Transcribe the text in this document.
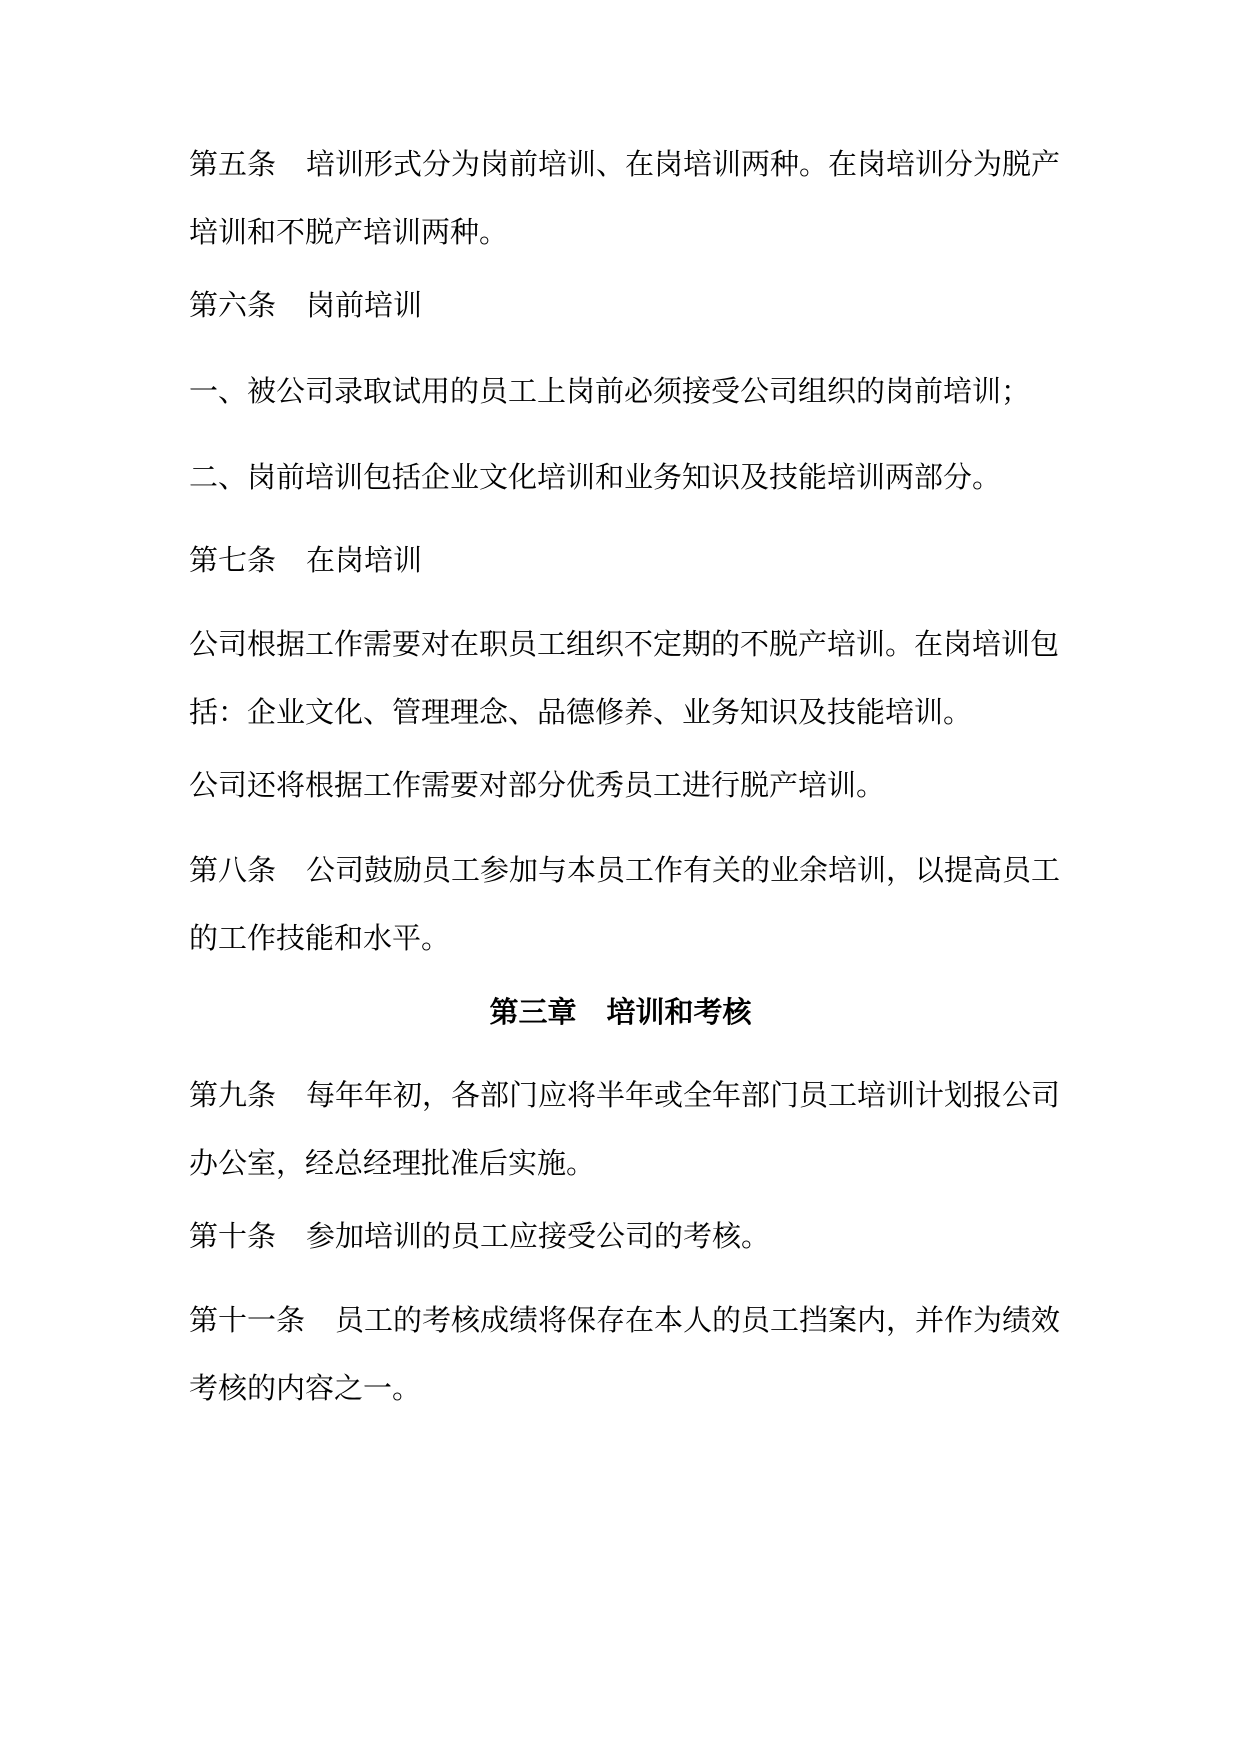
第五条 培训形式分为岗前培训、在岗培训两种。在岗培训分为脱产培训和不脱产培训两种。

第六条 岗前培训

一、被公司录取试用的员工上岗前必须接受公司组织的岗前培训；

二、岗前培训包括企业文化培训和业务知识及技能培训两部分。

第七条 在岗培训

公司根据工作需要对在职员工组织不定期的不脱产培训。在岗培训包括：企业文化、管理理念、品德修养、业务知识及技能培训。

公司还将根据工作需要对部分优秀员工进行脱产培训。

第八条 公司鼓励员工参加与本员工作有关的业余培训，以提高员工的工作技能和水平。

第三章 培训和考核

第九条 每年年初，各部门应将半年或全年部门员工培训计划报公司办公室，经总经理批准后实施。

第十条 参加培训的员工应接受公司的考核。

第十一条 员工的考核成绩将保存在本人的员工挡案内，并作为绩效考核的内容之一。
